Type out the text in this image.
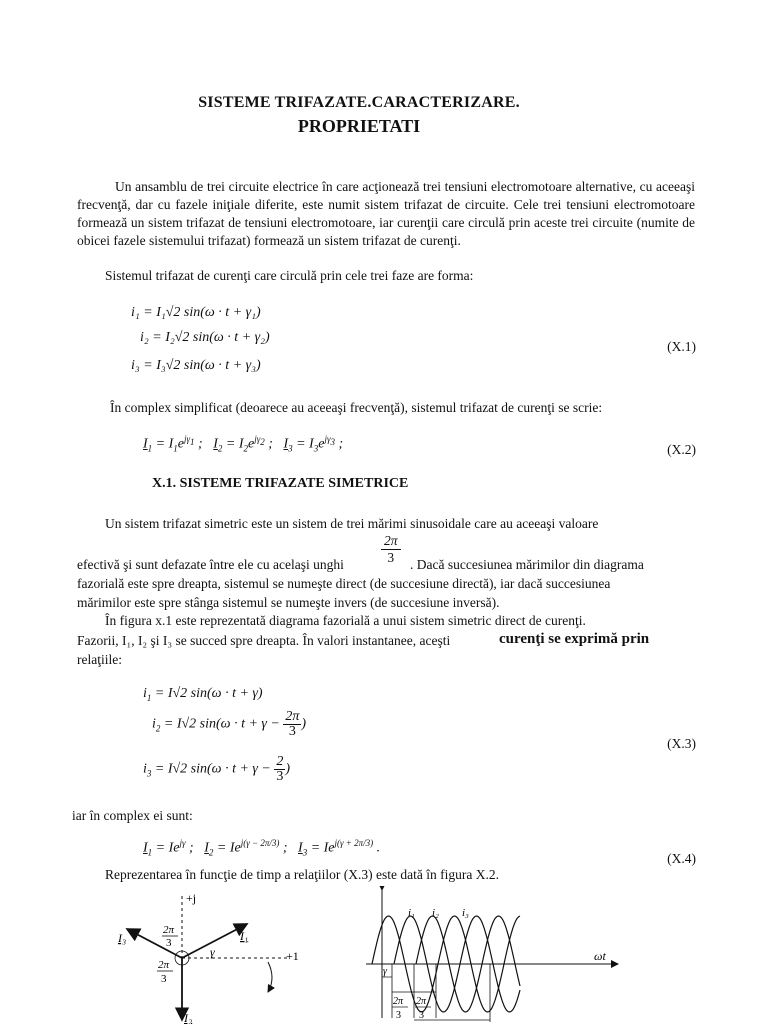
SISTEME TRIFAZATE.CARACTERIZARE.
PROPRIETATI
Un ansamblu de trei circuite electrice în care acţionează trei tensiuni electromotoare alternative, cu aceeaşi frecvenţă, dar cu fazele iniţiale diferite, este numit sistem trifazat de circuite. Cele trei tensiuni electromotoare formează un sistem trifazat de tensiuni electromotoare, iar curenţii care circulă prin aceste trei circuite (numite de obicei fazele sistemului trifazat) formează un sistem trifazat de curenţi.
Sistemul trifazat de curenţi care circulă prin cele trei faze are forma:
i₁ = I₁√2 sin(ω · t + γ₁)
i₂ = I₂√2 sin(ω · t + γ₂)
i₃ = I₃√2 sin(ω · t + γ₃)
(X.1)
În complex simplificat (deoarece au aceeaşi frecvenţă), sistemul trifazat de curenţi se scrie:
$I_1 = I_1e^{j\gamma_1}$ ;   $I_2 = I_2e^{j\gamma_2}$ ;   $I_3 = I_3e^{j\gamma_3}$ ;	(X.2)
X.1. SISTEME TRIFAZATE SIMETRICE
Un sistem trifazat simetric este un sistem de trei mărimi sinusoidale care au aceeaşi valoare
efectivă şi sunt defazate între ele cu acelaşi unghi
2π
3	. Dacă succesiunea mărimilor din diagrama
fazorială este spre dreapta, sistemul se numeşte direct (de succesiune directă), iar dacă succesiunea
mărimilor este spre stânga sistemul se numeşte invers (de succesiune inversă).
În figura x.1 este reprezentată diagrama fazorială a unui sistem simetric direct de curenţi.
Fazorii, I₁, I₂ şi I₃ se succed spre dreapta. În valori instantanee, aceşti	curenţi se exprimă prin
relaţiile:
$i_1 = I√2$ sin(ω · t + γ)
$i_2 = I√2$ $\sin(\omega \cdot t + \gamma - \frac{2\pi}{3}$ )
$i_3 = I√2$ $\sin(\omega \cdot t + \gamma - \frac{2}{3}$ )
(X.3)
iar în complex ei sunt:
$I_1 = Ie^{j\gamma}$ ;   $I_2 = Ie^{j(\gamma - 2\pi/3)}$ ;   $I_3 = Ie^{j(\gamma + 2\pi/3)}$ .
(X.4)
Reprezentarea în funcţie de timp a relaţiilor (X.3) este dată în figura X.2.
+j
+1
I₁
I₃
I₂
γ
2π
3
2π
3
ωt
i₁ i₂ i₃
γ
2π
3
2π
3
